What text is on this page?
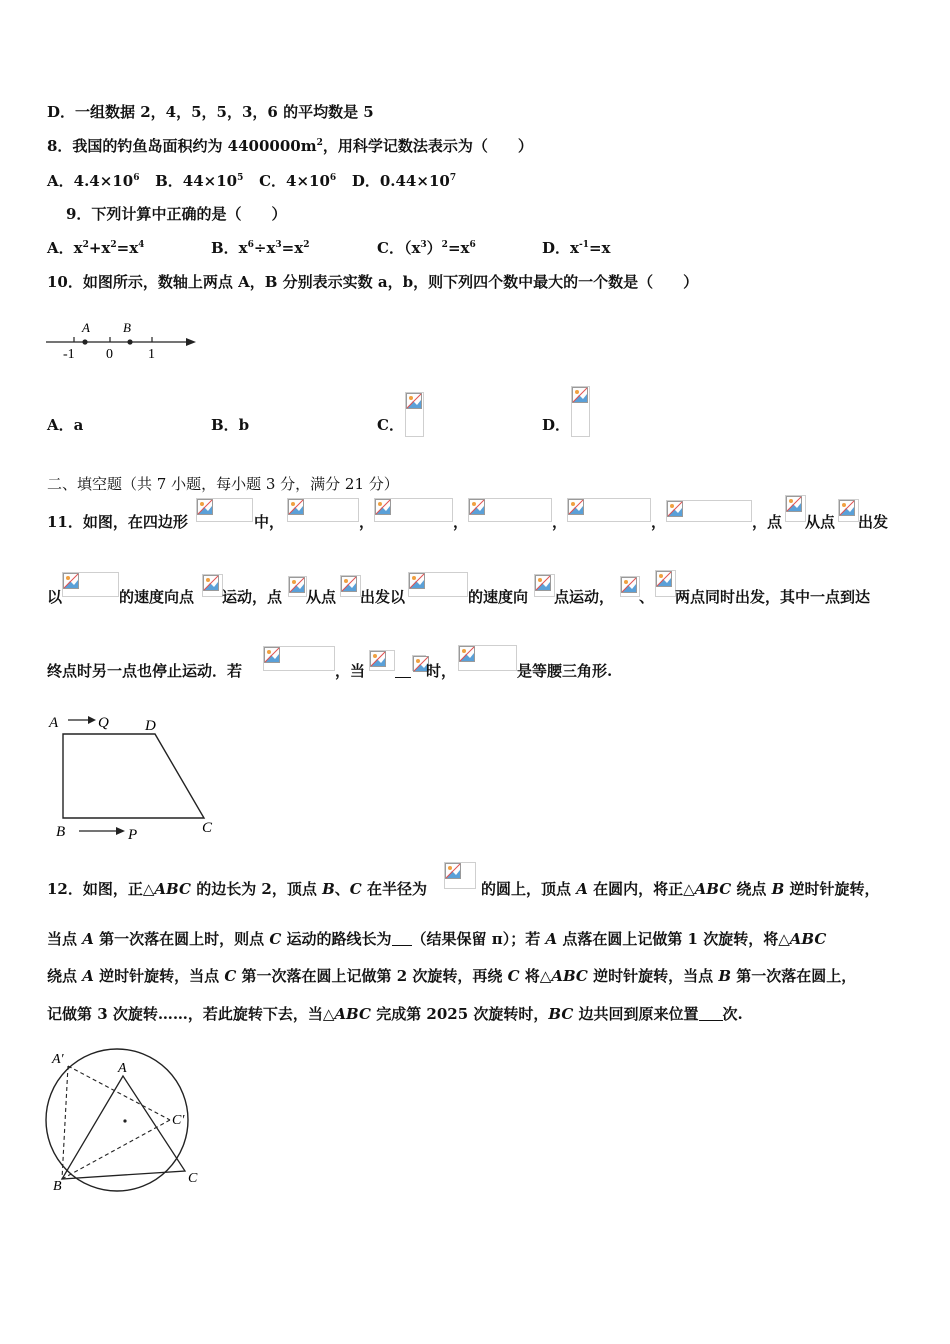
D．一组数据 2，4，5，5，3，6 的平均数是 5
8．我国的钓鱼岛面积约为 $4400000m^2$，用科学记数法表示为（　　）
A．$4.4\times 10^6$ B．$44\times 10^5$ C．$4\times 10^6$ D．$0.44\times 10^7$
9．下列计算中正确的是（　　）
A．$x^2+x^2=x^4$	B．$x^6\div x^3=x^2$	C．$(x^3)^2=x^6$	D．$x^{-1}=x$
10．如图所示，数轴上两点 A，B 分别表示实数 a，b，则下列四个数中最大的一个数是（　　）
A	B
-1 0	1
A．a	B．b	C．	D．
二、填空题（共 7 小题，每小题 3 分，满分 21 分）
11．如图，在四边形	中，	，	，	，	，	，点 从点 出发
以	的速度向点 运动，点 从点 出发以	的速度向 点运动， 、 两点同时出发，其中一点到达
终点时另一点也停止运动．若	，当	时，	是等腰三角形.
A	Q D
B	P	C
12．如图，正△ABC 的边长为 2，顶点 B、C 在半径为	的圆上，顶点 A 在圆内，将正△ABC 绕点 B 逆时针旋转，
当点 A 第一次落在圆上时，则点 C 运动的路线长为 （结果保留 π）；若 A 点落在圆上记做第 1 次旋转，将△ABC
绕点 A 逆时针旋转，当点 C 第一次落在圆上记做第 2 次旋转，再绕 C 将△ABC 逆时针旋转，当点 B 第一次落在圆上，
记做第 3 次旋转……，若此旋转下去，当△ABC 完成第 2025 次旋转时，BC 边共回到原来位置 次.
A′
A
C′
B
C
